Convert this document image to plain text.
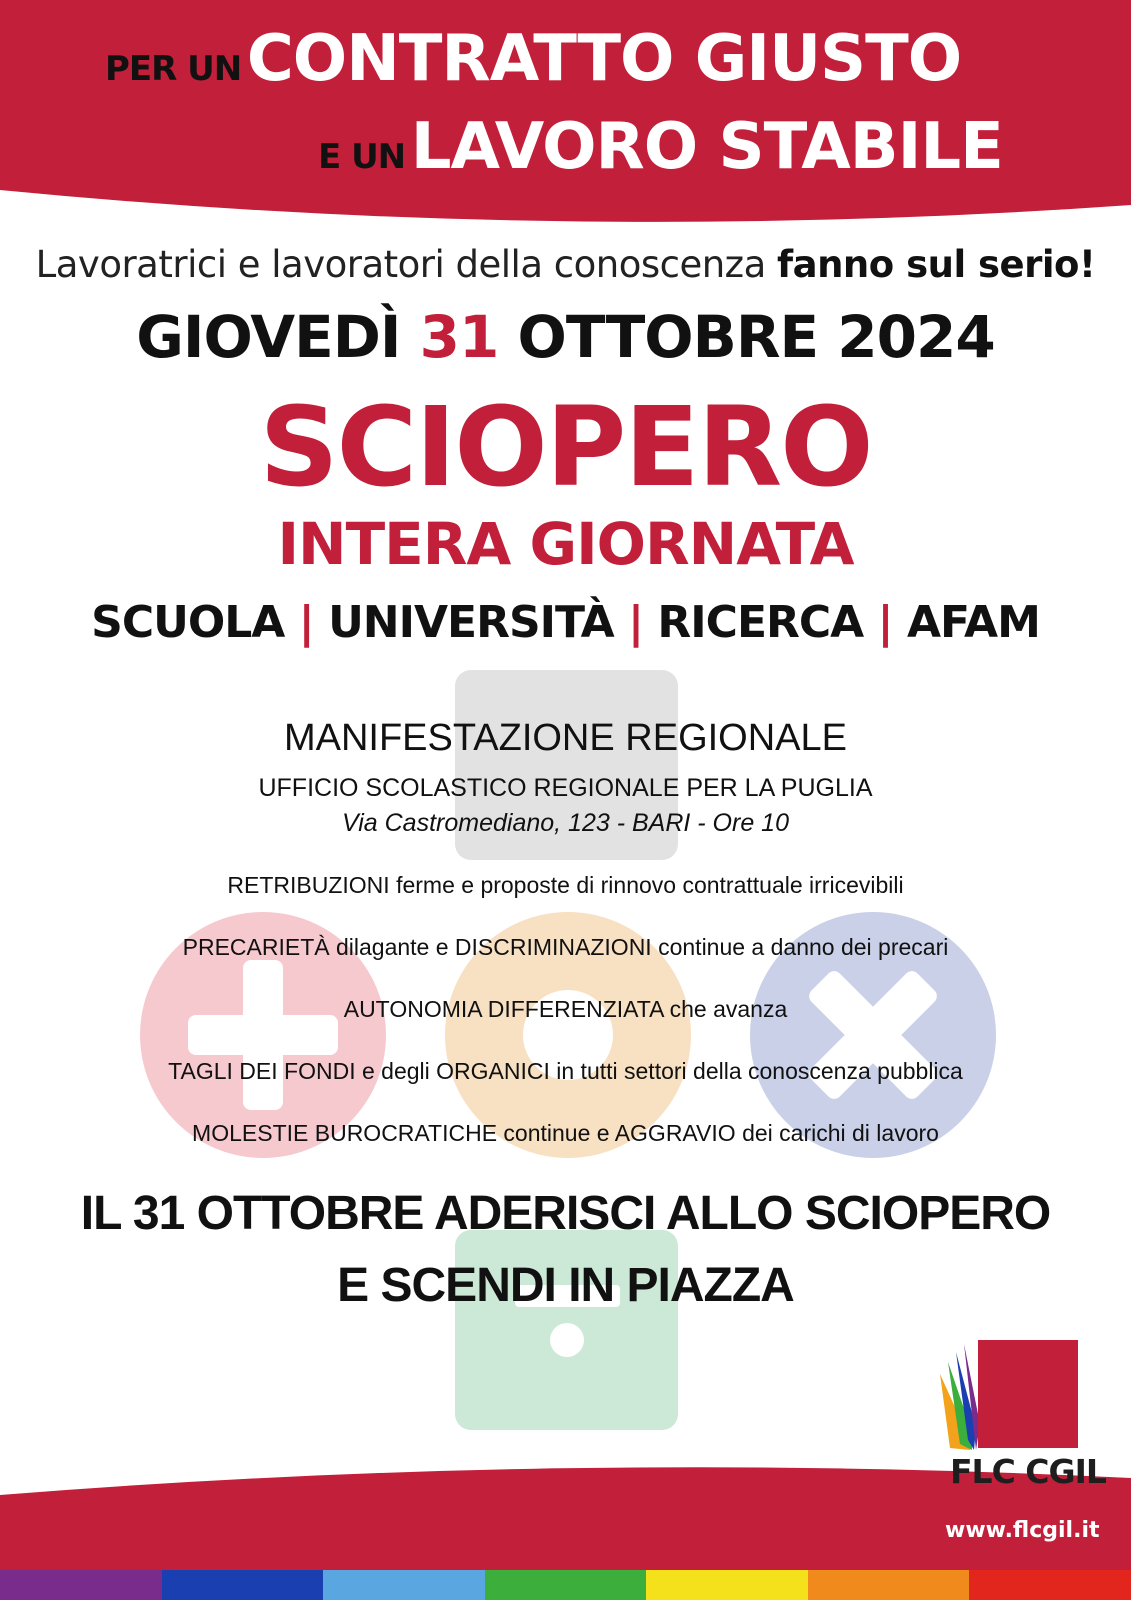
PER UN CONTRATTO GIUSTO
E UN LAVORO STABILE
Lavoratrici e lavoratori della conoscenza fanno sul serio!
GIOVEDÌ 31 OTTOBRE 2024
SCIOPERO
INTERA GIORNATA
SCUOLA | UNIVERSITÀ | RICERCA | AFAM
MANIFESTAZIONE REGIONALE
UFFICIO SCOLASTICO REGIONALE PER LA PUGLIA
Via Castromediano, 123 - BARI - Ore 10
RETRIBUZIONI ferme e proposte di rinnovo contrattuale irricevibili
PRECARIETÀ dilagante e DISCRIMINAZIONI continue a danno dei precari
AUTONOMIA DIFFERENZIATA che avanza
TAGLI DEI FONDI e degli ORGANICI in tutti settori della conoscenza pubblica
MOLESTIE BUROCRATICHE continue e AGGRAVIO dei carichi di lavoro
IL 31 OTTOBRE ADERISCI ALLO SCIOPERO
E SCENDI IN PIAZZA
FLC CGIL
www.flcgil.it
